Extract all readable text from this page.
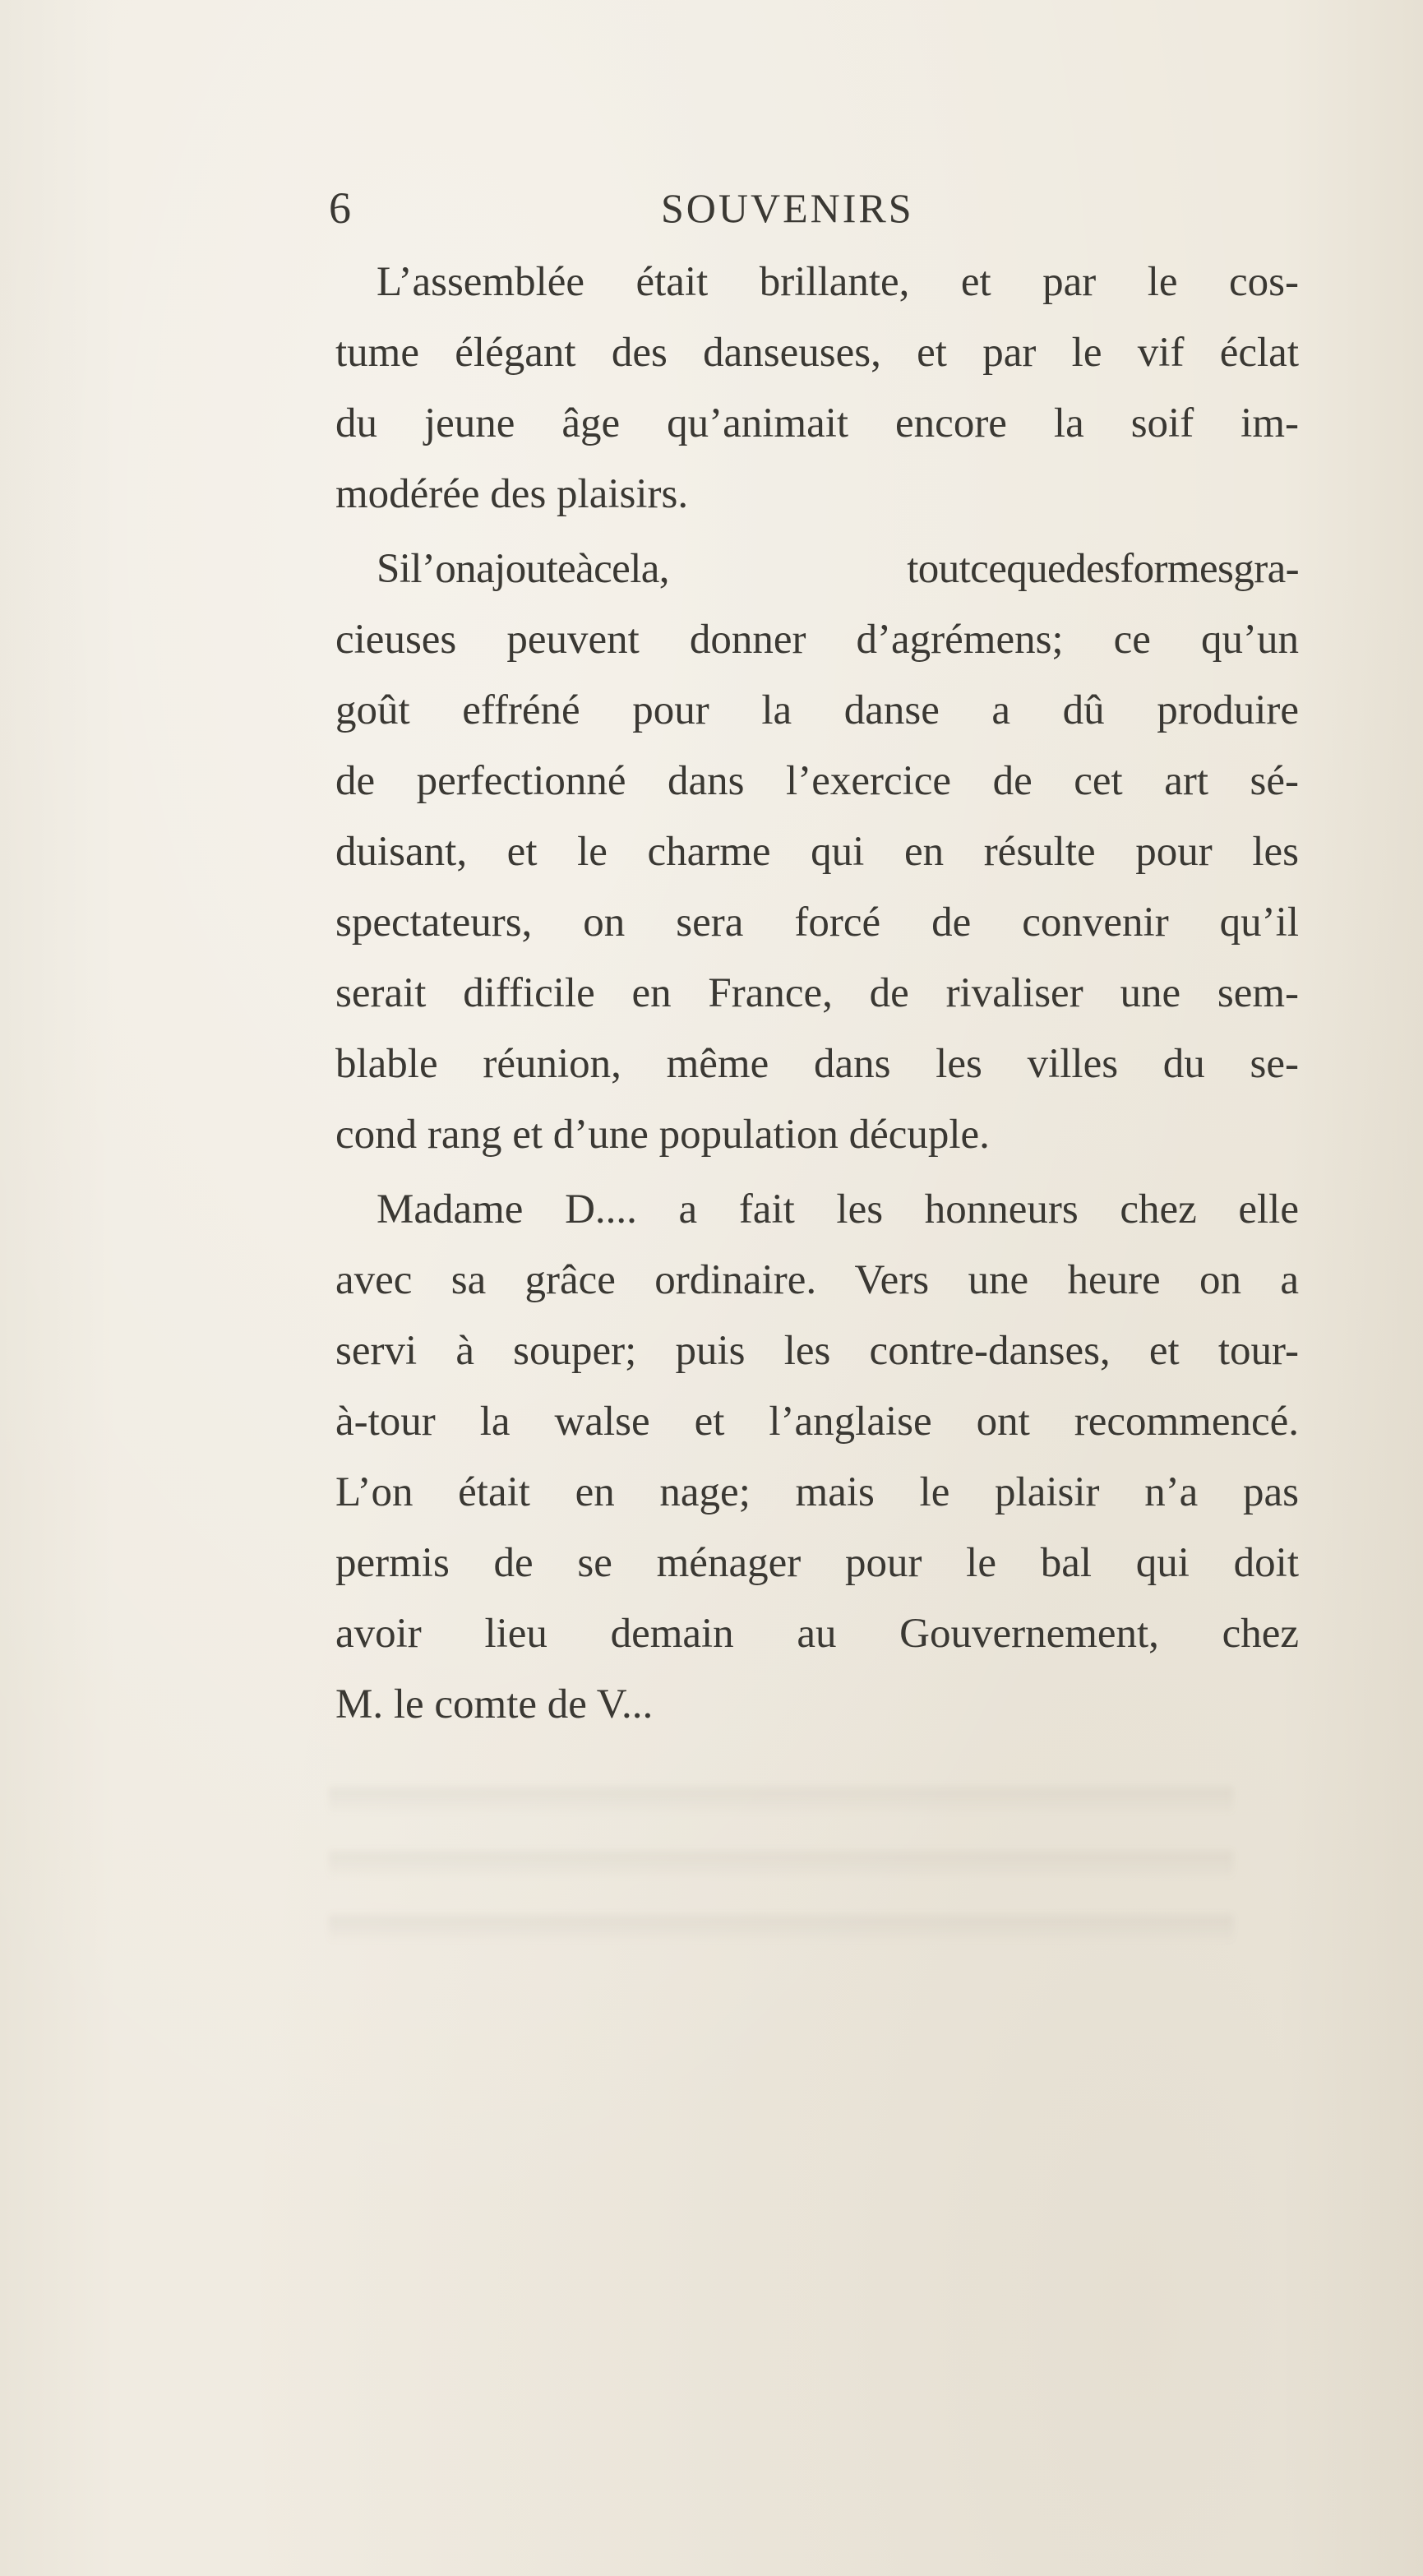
6	SOUVENIRS

L’assemblée était brillante, et par le cos-
tume élégant des danseuses, et par le vif éclat
du jeune âge qu’animait encore la soif im-
modérée des plaisirs.

Sil’onajouteàcela, toutcequedesformesgra-
cieuses peuvent donner d’agrémens; ce qu’un
goût effréné pour la danse a dû produire
de perfectionné dans l’exercice de cet art sé-
duisant, et le charme qui en résulte pour les
spectateurs, on sera forcé de convenir qu’il
serait difficile en France, de rivaliser une sem-
blable réunion, même dans les villes du se-
cond rang et d’une population décuple.

Madame D.... a fait les honneurs chez elle
avec sa grâce ordinaire. Vers une heure on a
servi à souper; puis les contre-danses, et tour-
à-tour la walse et l’anglaise ont recommencé.
L’on était en nage; mais le plaisir n’a pas
permis de se ménager pour le bal qui doit
avoir lieu demain au Gouvernement, chez
M. le comte de V...
